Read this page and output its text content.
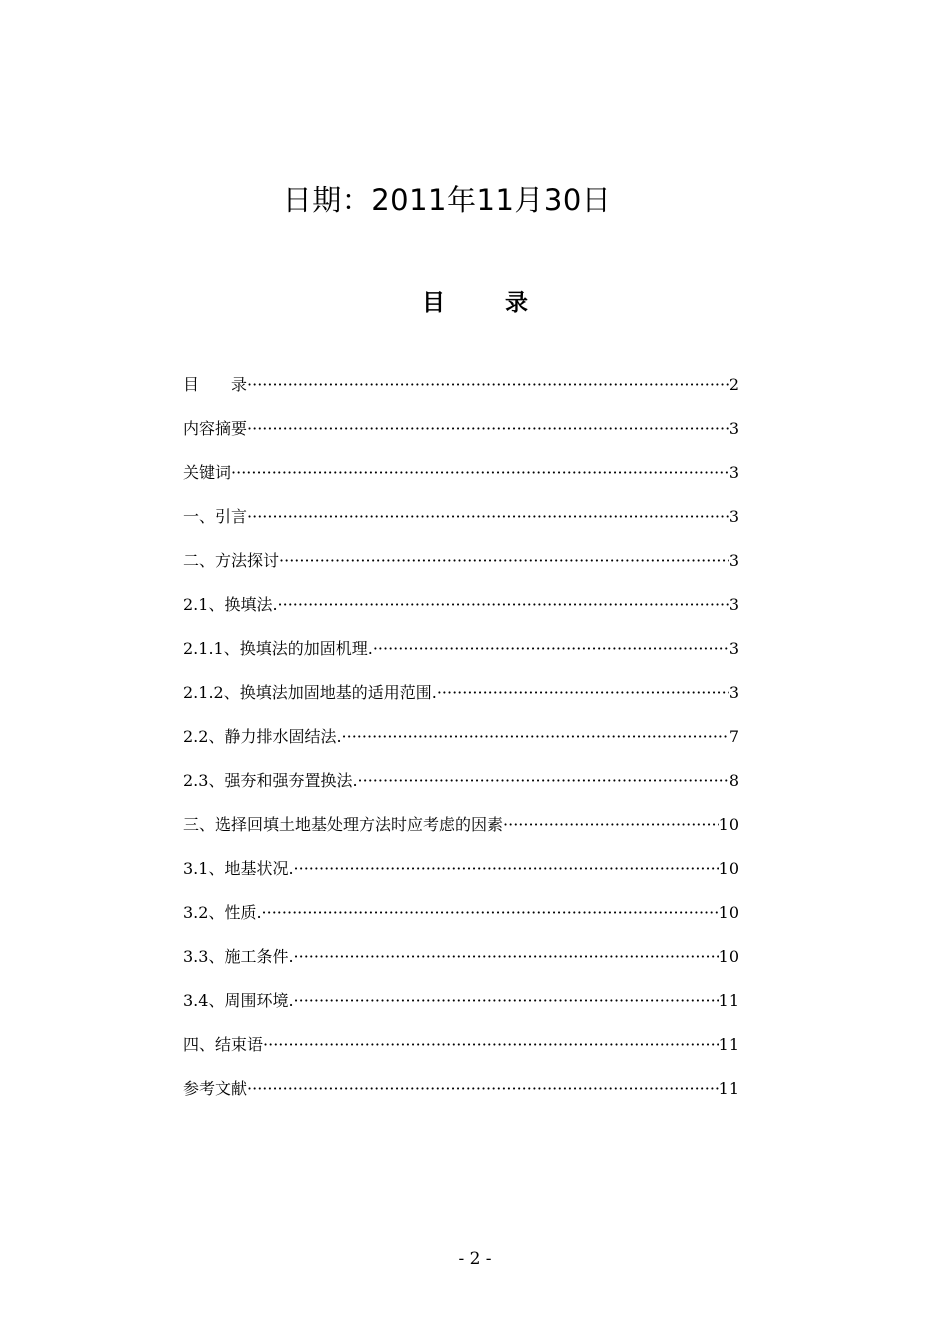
日期：2011年11月30日
目 录
目　　录 ·····	2
内容摘要 ·····	3
关键词 ·····	3
一、引言 ·····	3
二、方法探讨 ·····	3
2.1、换填法. ·····	3
2.1.1、换填法的加固机理. ·····	3
2.1.2、换填法加固地基的适用范围. ·····	3
2.2、静力排水固结法. ·····	7
2.3、强夯和强夯置换法. ·····	8
三、选择回填土地基处理方法时应考虑的因素 ·····	10
3.1、地基状况. ·····	10
3.2、性质. ·····	10
3.3、施工条件. ·····	10
3.4、周围环境. ·····	11
四、结束语 ·····	11
参考文献 ·····	11
- 2 -
